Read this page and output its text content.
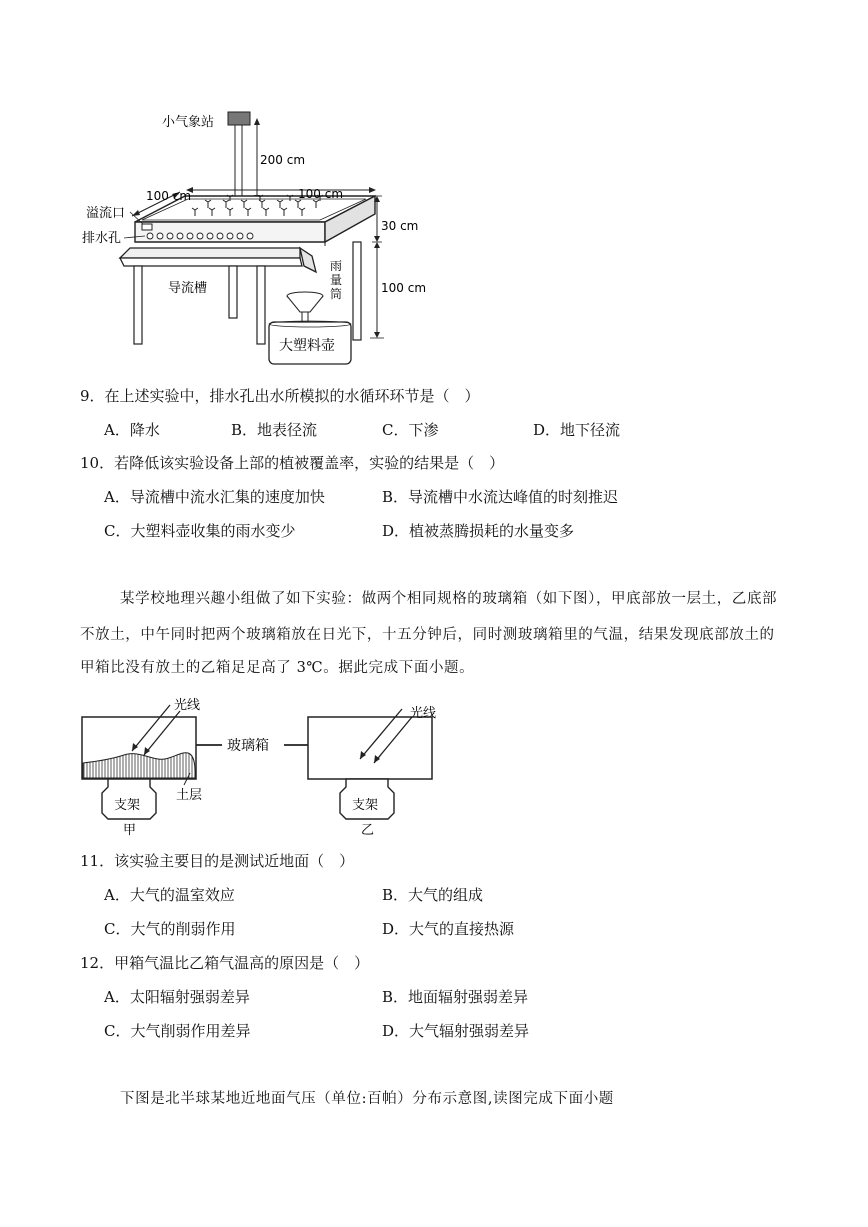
小气象站
200 cm
100 cm	100 cm
溢流口
排水孔
30 cm
100 cm
导流槽
雨
量
筒
大塑料壶
9．在上述实验中，排水孔出水所模拟的水循环环节是（　）
A．降水	B．地表径流	C．下渗	D．地下径流
10．若降低该实验设备上部的植被覆盖率，实验的结果是（　）
A．导流槽中流水汇集的速度加快	B．导流槽中水流达峰值的时刻推迟
C．大塑料壶收集的雨水变少	D．植被蒸腾损耗的水量变多
某学校地理兴趣小组做了如下实验：做两个相同规格的玻璃箱（如下图），甲底部放一层土，乙底部
不放土，中午同时把两个玻璃箱放在日光下，十五分钟后，同时测玻璃箱里的气温，结果发现底部放土的
甲箱比没有放土的乙箱足足高了 3℃。据此完成下面小题。
光线
玻璃箱
光线
土层
支架	支架
甲	乙
11．该实验主要目的是测试近地面（　）
A．大气的温室效应	B．大气的组成
C．大气的削弱作用	D．大气的直接热源
12．甲箱气温比乙箱气温高的原因是（　）
A．太阳辐射强弱差异	B．地面辐射强弱差异
C．大气削弱作用差异	D．大气辐射强弱差异
下图是北半球某地近地面气压（单位:百帕）分布示意图,读图完成下面小题
